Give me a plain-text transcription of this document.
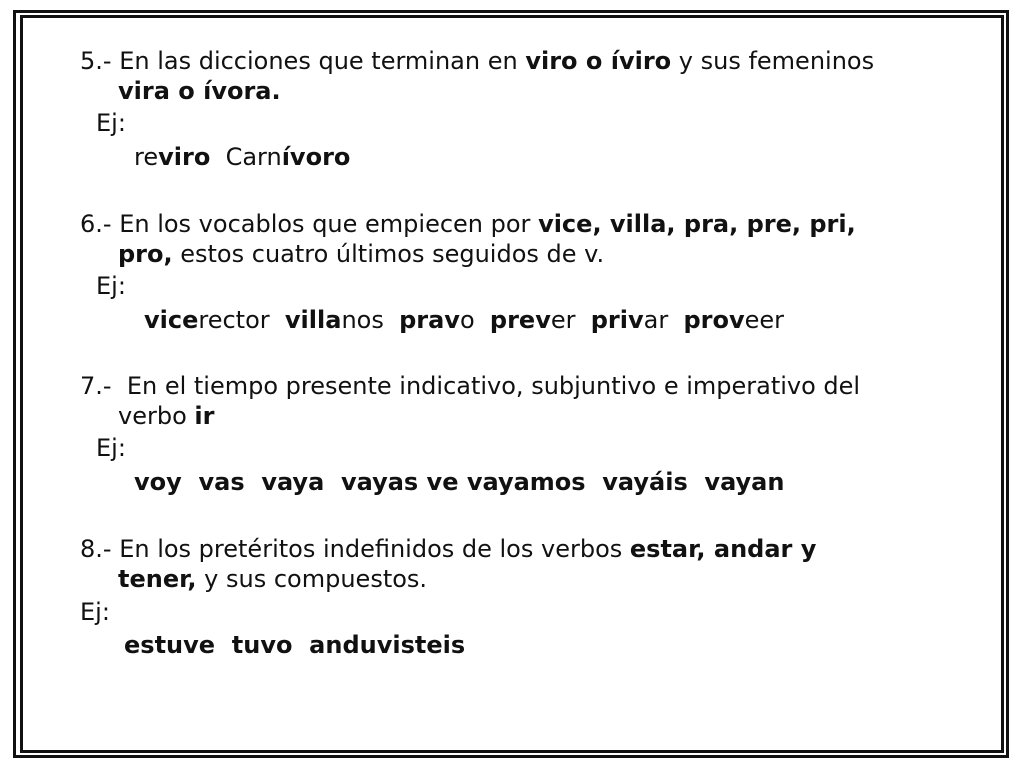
5.- En las dicciones que terminan en viro o íviro y sus femeninos
vira o ívora.
Ej:
reviro  Carnívoro
6.- En los vocablos que empiecen por vice, villa, pra, pre, pri,
pro, estos cuatro últimos seguidos de v.
Ej:
vicerector  villanos  pravo  prever  privar  proveer
7.-  En el tiempo presente indicativo, subjuntivo e imperativo del
verbo ir
Ej:
voy  vas  vaya  vayas ve vayamos  vayáis  vayan
8.- En los pretéritos indefinidos de los verbos estar, andar y
tener, y sus compuestos.
Ej:
estuve  tuvo  anduvisteis
